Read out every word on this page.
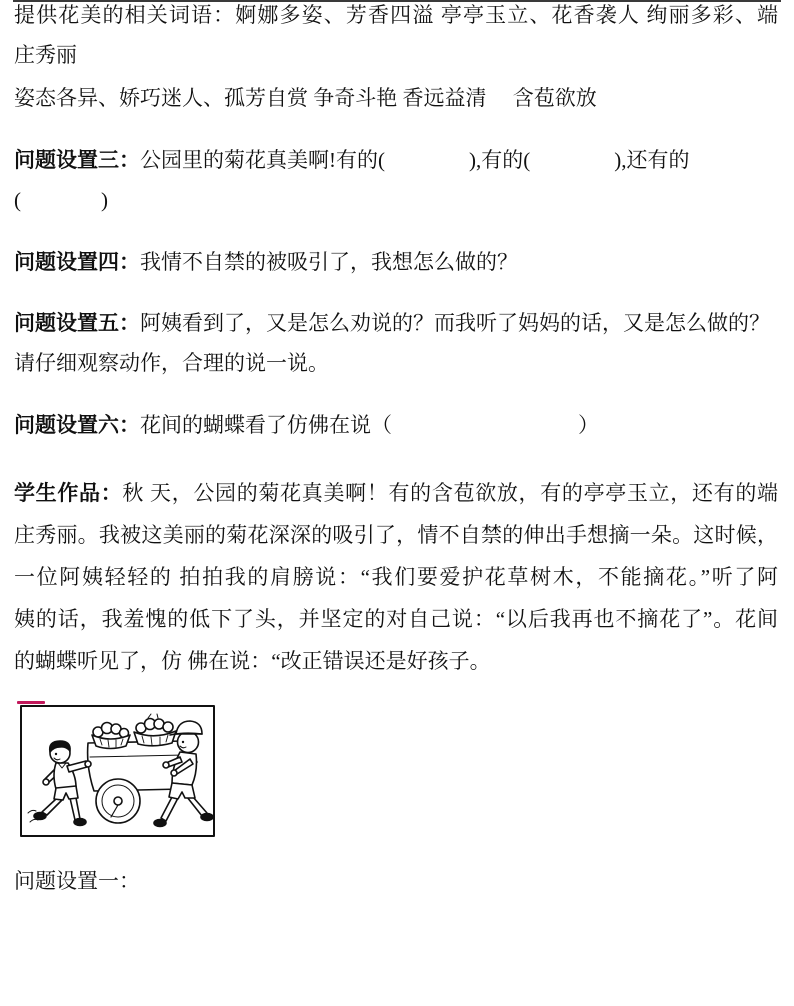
提供花美的相关词语：婀娜多姿、芳香四溢 亭亭玉立、花香袭人 绚丽多彩、端
庄秀丽
姿态各异、娇巧迷人、孤芳自赏 争奇斗艳 香远益清     含苞欲放
问题设置三：公园里的菊花真美啊!有的(	),有的(	),还有的
(	)
问题设置四：我情不自禁的被吸引了，我想怎么做的？
问题设置五：阿姨看到了，又是怎么劝说的？而我听了妈妈的话，又是怎么做的？
请仔细观察动作，合理的说一说。
问题设置六：花间的蝴蝶看了仿佛在说（	）
学生作品：秋 天，公园的菊花真美啊！有的含苞欲放，有的亭亭玉立，还有的端
庄秀丽。我被这美丽的菊花深深的吸引了，情不自禁的伸出手想摘一朵。这时候，
一位阿姨轻轻的 拍拍我的肩膀说：“我们要爱护花草树木，不能摘花。”听了阿
姨的话，我羞愧的低下了头，并坚定的对自己说：“以后我再也不摘花了”。花间
的蝴蝶听见了，仿 佛在说：“改正错误还是好孩子。
问题设置一：
